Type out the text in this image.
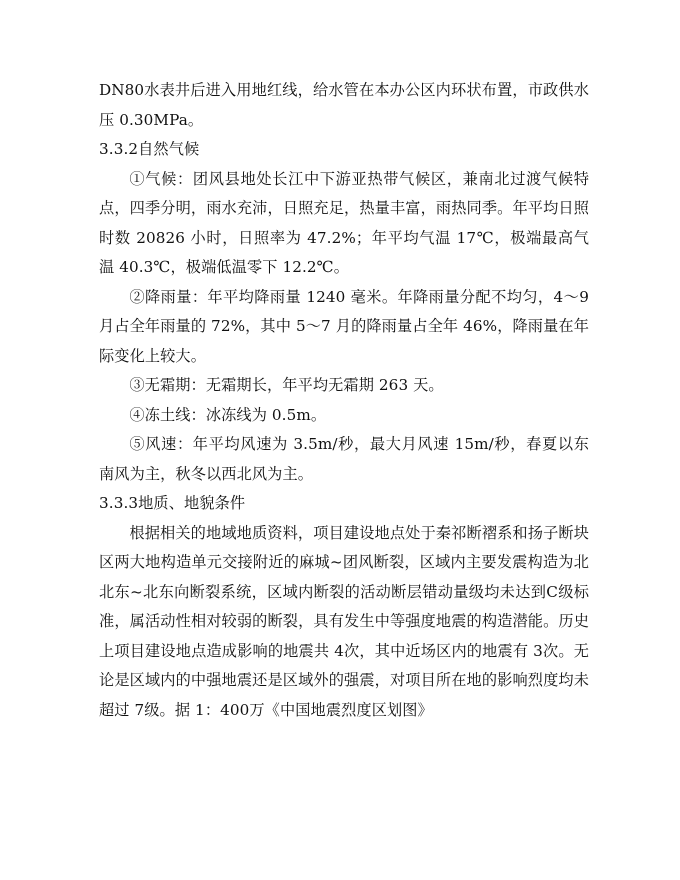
DN80水表井后进入用地红线，给水管在本办公区内环状布置，市政供水压 0.30MPa。

3.3.2自然气候

①气候：团风县地处长江中下游亚热带气候区，兼南北过渡气候特点，四季分明，雨水充沛，日照充足，热量丰富，雨热同季。年平均日照时数 20826 小时，日照率为 47.2%；年平均气温 17℃，极端最高气温 40.3℃，极端低温零下 12.2℃。

②降雨量：年平均降雨量 1240 毫米。年降雨量分配不均匀，4～9月占全年雨量的 72%，其中 5～7 月的降雨量占全年 46%，降雨量在年际变化上较大。

③无霜期：无霜期长，年平均无霜期 263 天。

④冻土线：冰冻线为 0.5m。

⑤风速：年平均风速为 3.5m/秒，最大月风速 15m/秒，春夏以东南风为主，秋冬以西北风为主。

3.3.3地质、地貌条件

根据相关的地域地质资料，项目建设地点处于秦祁断褶系和扬子断块区两大地构造单元交接附近的麻城~团风断裂，区域内主要发震构造为北北东~北东向断裂系统，区域内断裂的活动断层错动量级均未达到C级标准，属活动性相对较弱的断裂，具有发生中等强度地震的构造潜能。历史上项目建设地点造成影响的地震共 4次，其中近场区内的地震有 3次。无论是区域内的中强地震还是区域外的强震，对项目所在地的影响烈度均未超过 7级。据 1：400万《中国地震烈度区划图》
